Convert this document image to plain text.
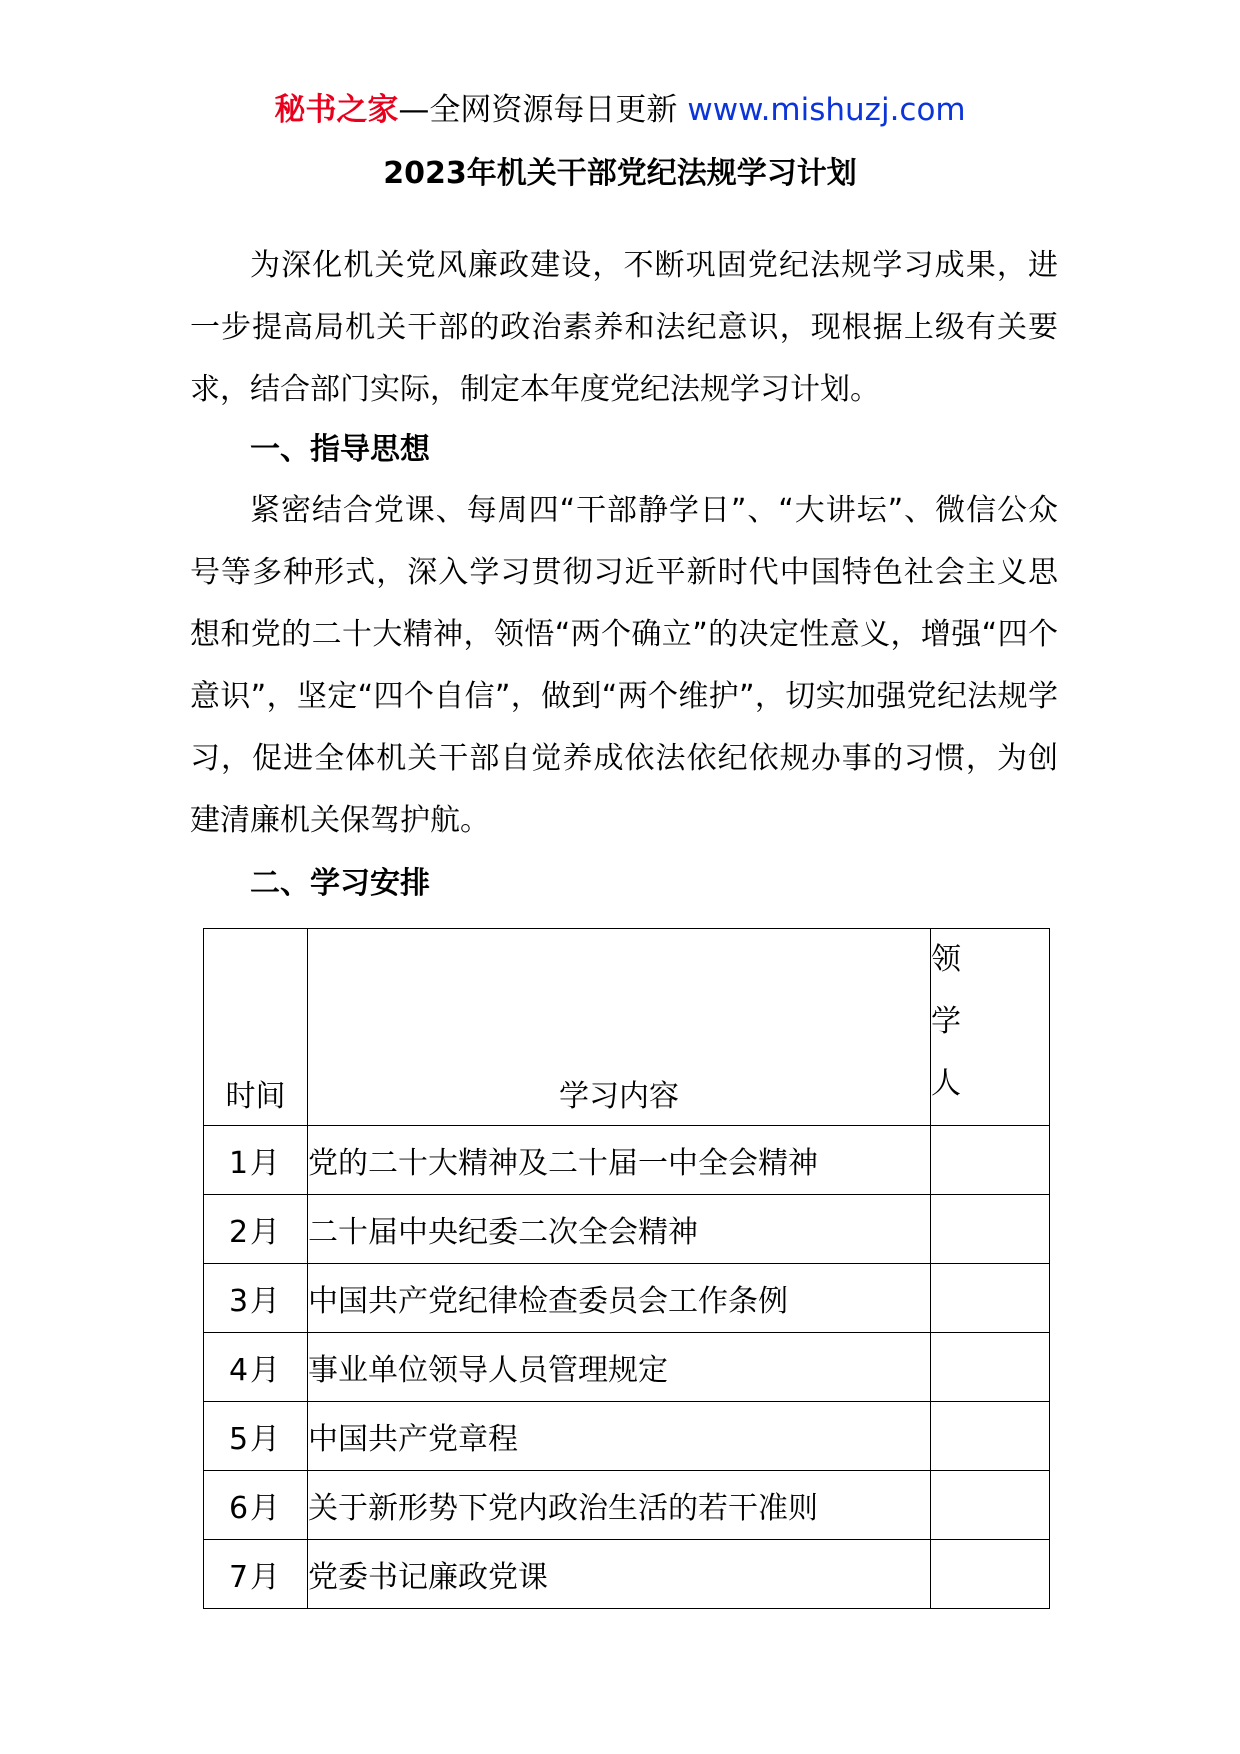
秘书之家—全网资源每日更新 www.mishuzj.com
2023年机关干部党纪法规学习计划

为深化机关党风廉政建设，不断巩固党纪法规学习成果，进一步提高局机关干部的政治素养和法纪意识，现根据上级有关要求，结合部门实际，制定本年度党纪法规学习计划。

一、指导思想

紧密结合党课、每周四“干部静学日”、“大讲坛”、微信公众号等多种形式，深入学习贯彻习近平新时代中国特色社会主义思想和党的二十大精神，领悟“两个确立”的决定性意义，增强“四个意识”，坚定“四个自信”，做到“两个维护”，切实加强党纪法规学习，促进全体机关干部自觉养成依法依纪依规办事的习惯，为创建清廉机关保驾护航。

二、学习安排

时间	学习内容	领学人
1月	党的二十大精神及二十届一中全会精神	
2月	二十届中央纪委二次全会精神	
3月	中国共产党纪律检查委员会工作条例	
4月	事业单位领导人员管理规定	
5月	中国共产党章程	
6月	关于新形势下党内政治生活的若干准则	
7月	党委书记廉政党课	
